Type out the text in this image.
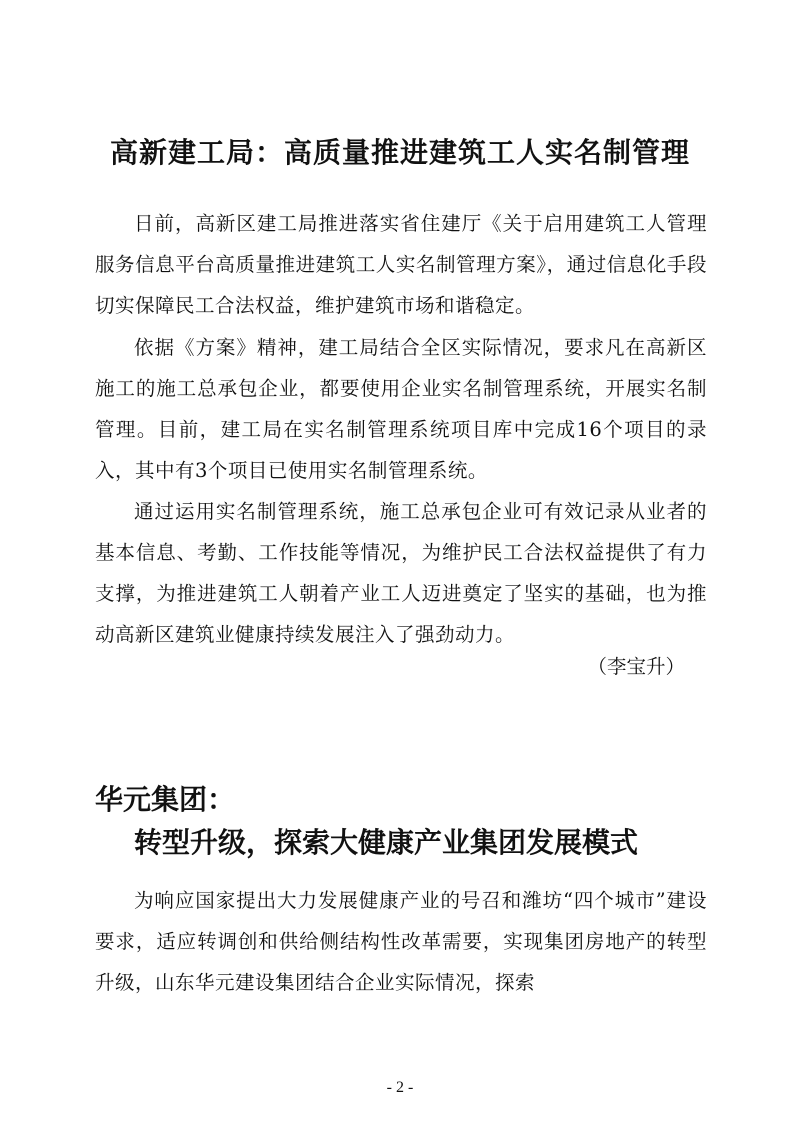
高新建工局：高质量推进建筑工人实名制管理

日前，高新区建工局推进落实省住建厅《关于启用建筑工人管理服务信息平台高质量推进建筑工人实名制管理方案》，通过信息化手段切实保障民工合法权益，维护建筑市场和谐稳定。

依据《方案》精神，建工局结合全区实际情况，要求凡在高新区施工的施工总承包企业，都要使用企业实名制管理系统，开展实名制管理。目前，建工局在实名制管理系统项目库中完成16个项目的录入，其中有3个项目已使用实名制管理系统。

通过运用实名制管理系统，施工总承包企业可有效记录从业者的基本信息、考勤、工作技能等情况，为维护民工合法权益提供了有力支撑，为推进建筑工人朝着产业工人迈进奠定了坚实的基础，也为推动高新区建筑业健康持续发展注入了强劲动力。

（李宝升）
华元集团：
转型升级，探索大健康产业集团发展模式

为响应国家提出大力发展健康产业的号召和潍坊“四个城市”建设要求，适应转调创和供给侧结构性改革需要，实现集团房地产的转型升级，山东华元建设集团结合企业实际情况，探索

- 2 -
